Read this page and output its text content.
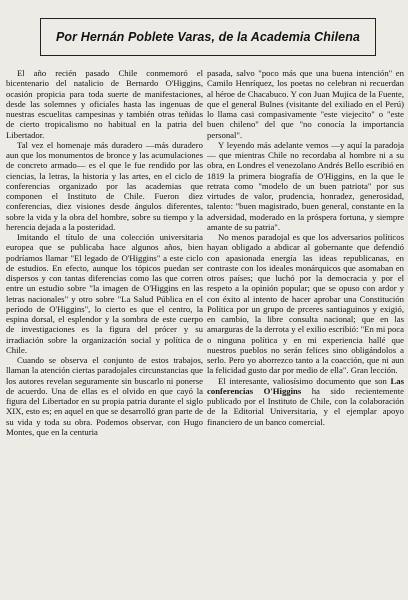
Por Hernán Poblete Varas, de la Academia Chilena

El año recién pasado Chile conmemoró el bicentenario del natalicio de Bernardo O'Higgins, ocasión propicia para toda suerte de manifestaciones, desde las solemnes y oficiales hasta las ingenuas de nuestras escuelitas campesinas y también otras teñidas de cierto tropicalismo no habitual en la patria del Libertador.

Tal vez el homenaje más duradero —más duradero aun que los monumentos de bronce y las acumulaciones de concreto armado— es el que le fue rendido por las ciencias, la letras, la historia y las artes, en el ciclo de conferencias organizado por las academias que componen el Instituto de Chile. Fueron diez conferencias, diez visiones desde ángulos diferentes, sobre la vida y la obra del hombre, sobre su tiempo y la herencia dejada a la posteridad.

Imitando el título de una colección universitaria europea que se publicaba hace algunos años, bien podríamos llamar "El legado de O'Higgins" a este ciclo de estudios. En efecto, aunque los tópicos puedan ser dispersos y con tantas diferencias como las que corren entre un estudio sobre "la imagen de O'Higgins en las letras nacionales" y otro sobre "La Salud Pública en el período de O'Higgins", lo cierto es que el centro, la espina dorsal, el esplendor y la sombra de este cuerpo de investigaciones es la figura del prócer y su irradiación sobre la organización social y política de Chile.

Cuando se observa el conjunto de estos trabajos, llaman la atención ciertas paradojales circunstancias que los autores revelan seguramente sin buscarlo ni ponerse de acuerdo. Una de ellas es el olvido en que cayó la figura del Libertador en su propia patria durante el siglo XIX, esto es; en aquel en que se desarrolló gran parte de su vida y toda su obra. Podemos observar, con Hugo Montes, que en la centuria

pasada, salvo "poco más que una buena intención" en Camilo Henríquez, los poetas no celebran ni recuerdan al héroe de Chacabuco. Y con Juan Mujica de la Fuente, que el general Bulnes (visitante del exiliado en el Perú) lo llama casi compasivamente "este viejecito" o "este buen chileno" del que "no conocía la importancia personal".

Y leyendo más adelante vemos —y aquí la paradoja— que mientras Chile no recordaba al hombre ni a su obra, en Londres el venezolano Andrés Bello escribió en 1819 la primera biografía de O'Higgins, en la que le retrata como "modelo de un buen patriota" por sus virtudes de valor, prudencia, honradez, generosidad, talento: "buen magistrado, buen general, constante en la adversidad, moderado en la próspera fortuna, y siempre amante de su patria".

No menos paradojal es que los adversarios políticos hayan obligado a abdicar al gobernante que defendió con apasionada energía las ideas republicanas, en contraste con los ideales monárquicos que asomaban en otros países; que luchó por la democracia y por el respeto a la opinión popular; que se opuso con ardor y con éxito al intento de hacer aprobar una Constitución Política por un grupo de prceres santiaguinos y exigió, en cambio, la libre consulta nacional; que en las amarguras de la derrota y el exilio escribió: "En mi poca o ninguna política y en mi experiencia hallé que nuestros pueblos no serán felices sino obligándolos a serlo. Pero yo aborrezco tanto a la coacción, que ni aun la felicidad gusto dar por medio de ella". Gran lección.

El interesante, valiosísimo documento que son Las conferencias O'Higgins ha sido recientemente publicado por el Instituto de Chile, con la colaboración de la Editorial Universitaria, y el ejemplar apoyo financiero de un banco comercial.
